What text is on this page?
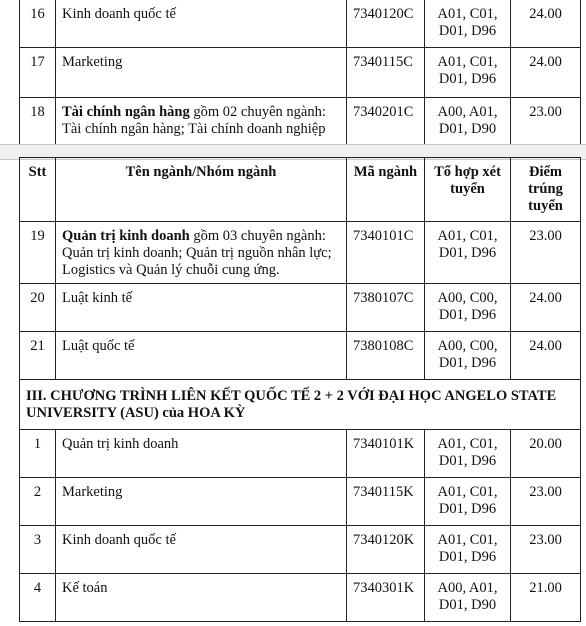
16	Kinh doanh quốc tế	7340120C	A01, C01, D01, D96	24.00
17	Marketing	7340115C	A01, C01, D01, D96	24.00
18	Tài chính ngân hàng gồm 02 chuyên ngành: Tài chính ngân hàng; Tài chính doanh nghiệp	7340201C	A00, A01, D01, D90	23.00
Stt	Tên ngành/Nhóm ngành	Mã ngành	Tổ hợp xét tuyển	Điểm trúng tuyển
19	Quản trị kinh doanh gồm 03 chuyên ngành: Quản trị kinh doanh; Quản trị nguồn nhân lực; Logistics và Quản lý chuỗi cung ứng.	7340101C	A01, C01, D01, D96	23.00
20	Luật kinh tế	7380107C	A00, C00, D01, D96	24.00
21	Luật quốc tế	7380108C	A00, C00, D01, D96	24.00
III. CHƯƠNG TRÌNH LIÊN KẾT QUỐC TẾ 2 + 2 VỚI ĐẠI HỌC ANGELO STATE UNIVERSITY (ASU) của HOA KỲ				
1	Quản trị kinh doanh	7340101K	A01, C01, D01, D96	20.00
2	Marketing	7340115K	A01, C01, D01, D96	23.00
3	Kinh doanh quốc tế	7340120K	A01, C01, D01, D96	23.00
4	Kế toán	7340301K	A00, A01, D01, D90	21.00
